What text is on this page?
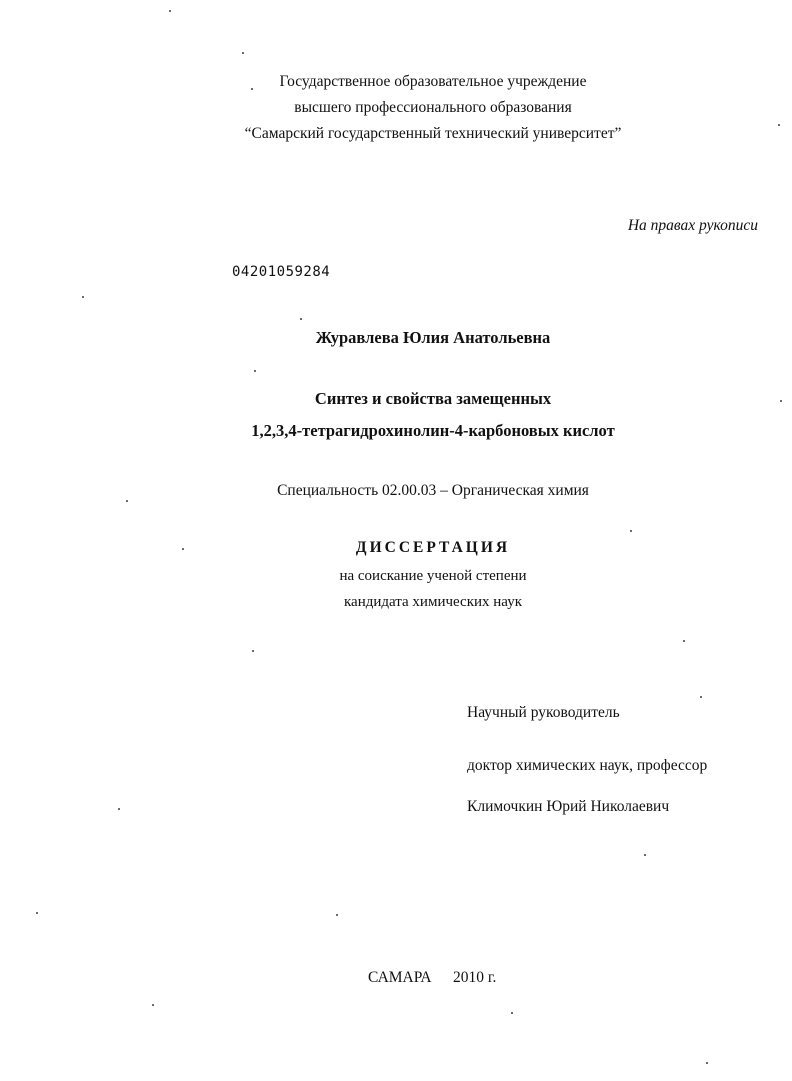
Государственное образовательное учреждение
высшего профессионального образования
“Самарский государственный технический университет”
На правах рукописи
04201059284
Журавлева Юлия Анатольевна
Синтез и свойства замещенных
1,2,3,4-тетрагидрохинолин-4-карбоновых кислот
Специальность 02.00.03 – Органическая химия
ДИССЕРТАЦИЯ
на соискание ученой степени
кандидата химических наук
Научный руководитель
доктор химических наук, профессор
Климочкин Юрий Николаевич
САМАРА 2010 г.
